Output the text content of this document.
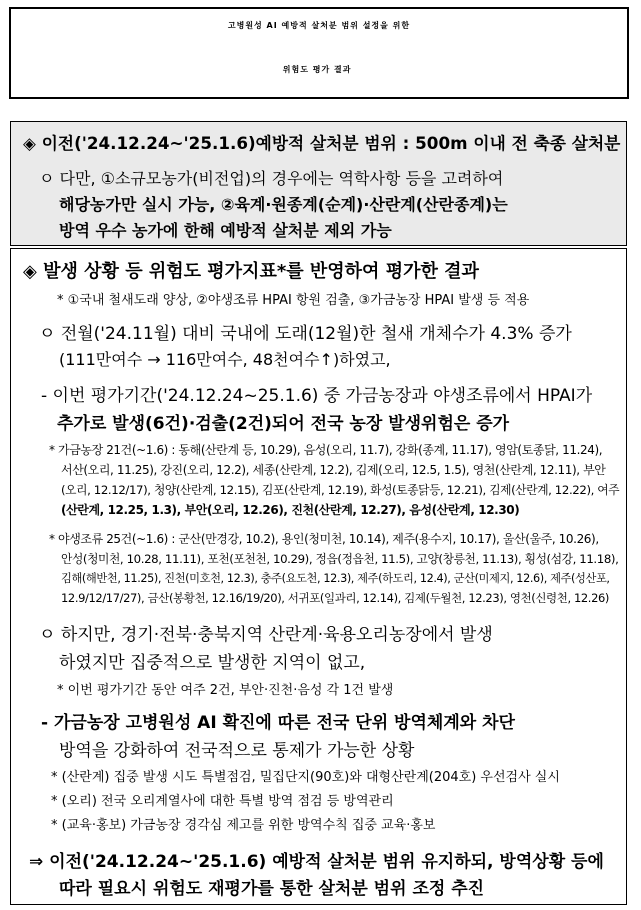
고병원성 AI 예방적 살처분 범위 설정을 위한
위험도 평가 결과
◈ 이전('24.12.24~'25.1.6)예방적 살처분 범위 : 500m 이내 전 축종 살처분
ㅇ 다만, ①소규모농가(비전업)의 경우에는 역학사항 등을 고려하여
해당농가만 실시 가능, ②육계·원종계(순계)·산란계(산란종계)는
방역 우수 농가에 한해 예방적 살처분 제외 가능
◈ 발생 상황 등 위험도 평가지표*를 반영하여 평가한 결과
* ①국내 철새도래 양상, ②야생조류 HPAI 항원 검출, ③가금농장 HPAI 발생 등 적용
ㅇ 전월('24.11월) 대비 국내에 도래(12월)한 철새 개체수가 4.3% 증가
(111만여수 → 116만여수, 48천여수↑)하였고,
- 이번 평가기간('24.12.24~25.1.6) 중 가금농장과 야생조류에서 HPAI가
추가로 발생(6건)·검출(2건)되어 전국 농장 발생위험은 증가
* 가금농장 21건(~1.6) : 동해(산란계 등, 10.29), 음성(오리, 11.7), 강화(종계, 11.17), 영암(토종닭, 11.24),
서산(오리, 11.25), 강진(오리, 12.2), 세종(산란계, 12.2), 김제(오리, 12.5, 1.5), 영천(산란계, 12.11), 부안
(오리, 12.12/17), 청양(산란계, 12.15), 김포(산란계, 12.19), 화성(토종닭등, 12.21), 김제(산란계, 12.22), 여주
(산란계, 12.25, 1.3), 부안(오리, 12.26), 진천(산란계, 12.27), 음성(산란계, 12.30)
* 야생조류 25건(~1.6) : 군산(만경강, 10.2), 용인(청미천, 10.14), 제주(용수지, 10.17), 울산(울주, 10.26),
안성(청미천, 10.28, 11.11), 포천(포천천, 10.29), 정읍(정읍천, 11.5), 고양(창릉천, 11.13), 횡성(섬강, 11.18),
김해(해반천, 11.25), 진천(미호천, 12.3), 충주(요도천, 12.3), 제주(하도리, 12.4), 군산(미제지, 12.6), 제주(성산포,
12.9/12/17/27), 금산(봉황천, 12.16/19/20), 서귀포(일과리, 12.14), 김제(두월천, 12.23), 영천(신령천, 12.26)
ㅇ 하지만, 경기·전북·충북지역 산란계·육용오리농장에서 발생
하였지만 집중적으로 발생한 지역이 없고,
* 이번 평가기간 동안 여주 2건, 부안·진천·음성 각 1건 발생
- 가금농장 고병원성 AI 확진에 따른 전국 단위 방역체계와 차단
방역을 강화하여 전국적으로 통제가 가능한 상황
* (산란계) 집중 발생 시도 특별점검, 밀집단지(90호)와 대형산란계(204호) 우선검사 실시
* (오리) 전국 오리계열사에 대한 특별 방역 점검 등 방역관리
* (교육·홍보) 가금농장 경각심 제고를 위한 방역수칙 집중 교육·홍보
⇒ 이전('24.12.24~'25.1.6) 예방적 살처분 범위 유지하되, 방역상황 등에
따라 필요시 위험도 재평가를 통한 살처분 범위 조정 추진
